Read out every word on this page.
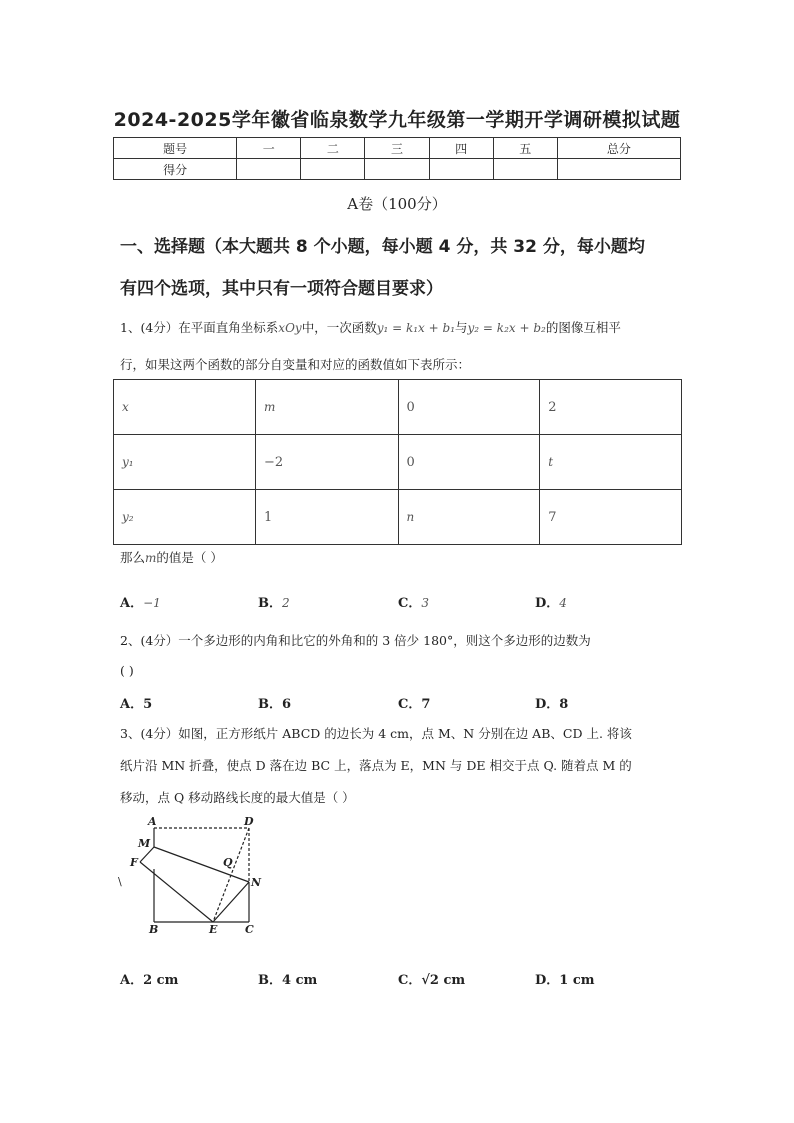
2024-2025学年徽省临泉数学九年级第一学期开学调研模拟试题
题号	一	二	三	四	五	总分
得分						
A卷（100分）
一、选择题（本大题共 8 个小题，每小题 4 分，共 32 分，每小题均
有四个选项，其中只有一项符合题目要求）
1、(4分）在平面直角坐标系xOy中，一次函数y₁ = k₁x + b₁与y₂ = k₂x + b₂的图像互相平
行，如果这两个函数的部分自变量和对应的函数值如下表所示：
x	m	0	2
y₁	−2	0	t
y₂	1	n	7
那么m的值是（ ）
A．−1	B．2	C．3	D．4
2、(4分）一个多边形的内角和比它的外角和的 3 倍少 180°，则这个多边形的边数为
( )
A．5	B．6	C．7	D．8
3、(4分）如图，正方形纸片 ABCD 的边长为 4 cm，点 M、N 分别在边 AB、CD 上. 将该
纸片沿 MN 折叠，使点 D 落在边 BC 上，落点为 E，MN 与 DE 相交于点 Q. 随着点 M 的
移动，点 Q 移动路线长度的最大值是（ ）
A	D
M
F	Q
N
B	E	C
\
A．2 cm	B．4 cm	C．√2 cm	D．1 cm
